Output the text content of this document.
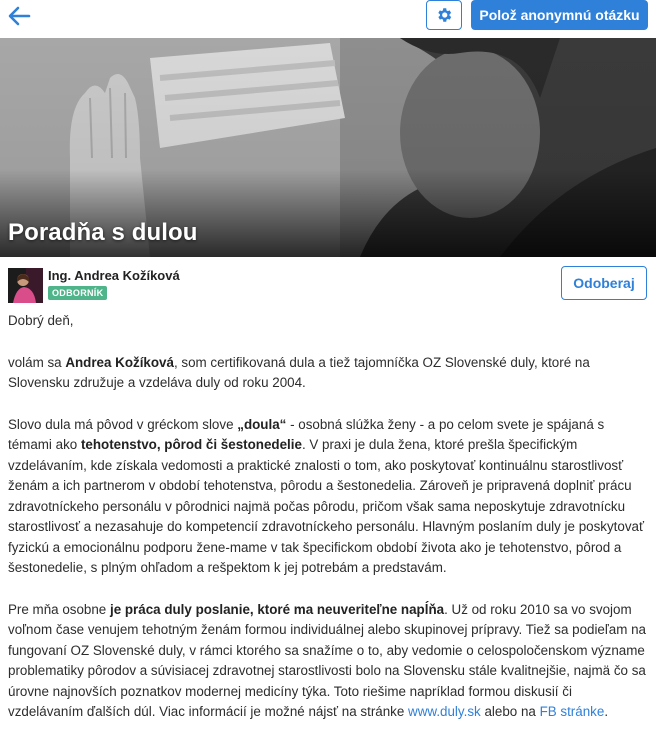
Polož anonymnú otázku
Poradňa s dulou
Ing. Andrea Kožíková
ODBORNÍK
Odoberaj

Dobrý deň,

volám sa Andrea Kožíková, som certifikovaná dula a tiež tajomníčka OZ Slovenské duly, ktoré na Slovensku združuje a vzdeláva duly od roku 2004.

Slovo dula má pôvod v gréckom slove „doula“ - osobná slúžka ženy - a po celom svete je spájaná s témami ako tehotenstvo, pôrod či šestonedelie. V praxi je dula žena, ktoré prešla špecifickým vzdelávaním, kde získala vedomosti a praktické znalosti o tom, ako poskytovať kontinuálnu starostlivosť ženám a ich partnerom v období tehotenstva, pôrodu a šestonedelia. Zároveň je pripravená doplniť prácu zdravotníckeho personálu v pôrodnici najmä počas pôrodu, pričom však sama neposkytuje zdravotnícku starostlivosť a nezasahuje do kompetencií zdravotníckeho personálu. Hlavným poslaním duly je poskytovať fyzickú a emocionálnu podporu žene-mame v tak špecifickom období života ako je tehotenstvo, pôrod a šestonedelie, s plným ohľadom a rešpektom k jej potrebám a predstavám.

Pre mňa osobne je práca duly poslanie, ktoré ma neuveriteľne napĺňa. Už od roku 2010 sa vo svojom voľnom čase venujem tehotným ženám formou individuálnej alebo skupinovej prípravy. Tiež sa podieľam na fungovaní OZ Slovenské duly, v rámci ktorého sa snažíme o to, aby vedomie o celospoločenskom význame problematiky pôrodov a súvisiacej zdravotnej starostlivosti bolo na Slovensku stále kvalitnejšie, najmä čo sa úrovne najnovších poznatkov modernej medicíny týka. Toto riešime napríklad formou diskusií či vzdelávaním ďalších dúl. Viac informácií je možné nájsť na stránke www.duly.sk alebo na FB stránke.
